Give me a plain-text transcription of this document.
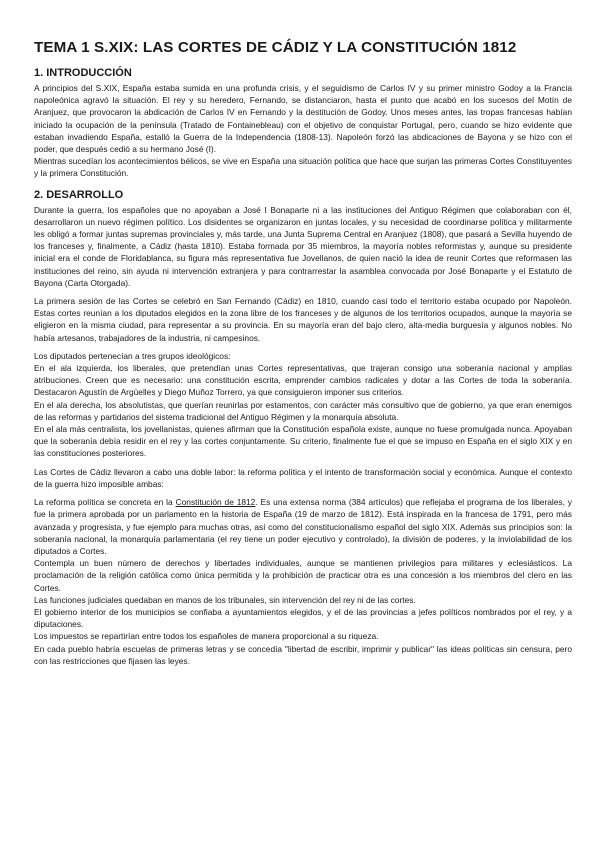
TEMA 1 S.XIX: LAS CORTES DE CÁDIZ Y LA CONSTITUCIÓN 1812
1. INTRODUCCIÓN

A principios del S.XIX, España estaba sumida en una profunda crisis, y el seguidismo de Carlos IV y su primer ministro Godoy a la Francia napoleónica agravó la situación. El rey y su heredero, Fernando, se distanciaron, hasta el punto que acabó en los sucesos del Motín de Aranjuez, que provocaron la abdicación de Carlos IV en Fernando y la destitución de Godoy. Unos meses antes, las tropas francesas habían iniciado la ocupación de la península (Tratado de Fontainebleau) con el objetivo de conquistar Portugal, pero, cuando se hizo evidente que estaban invadiendo España, estalló la Guerra de la Independencia (1808-13). Napoleón forzó las abdicaciones de Bayona y se hizo con el poder, que después cedió a su hermano José (I).

Mientras sucedían los acontecimientos bélicos, se vive en España una situación política que hace que surjan las primeras Cortes Constituyentes y la primera Constitución.

2. DESARROLLO

Durante la guerra, los españoles que no apoyaban a José I Bonaparte ni a las instituciones del Antiguo Régimen que colaboraban con él, desarrollaron un nuevo régimen político. Los disidentes se organizaron en juntas locales, y su necesidad de coordinarse política y militarmente les obligó a formar juntas supremas provinciales y, más tarde, una Junta Suprema Central en Aranjuez (1808), que pasará a Sevilla huyendo de los franceses y, finalmente, a Cádiz (hasta 1810). Estaba formada por 35 miembros, la mayoría nobles reformistas y, aunque su presidente inicial era el conde de Floridablanca, su figura más representativa fue Jovellanos, de quien nació la idea de reunir Cortes que reformasen las instituciones del reino, sin ayuda ni intervención extranjera y para contrarrestar la asamblea convocada por José Bonaparte y el Estatuto de Bayona (Carta Otorgada).

La primera sesión de las Cortes se celebró en San Fernando (Cádiz) en 1810, cuando casi todo el territorio estaba ocupado por Napoleón. Estas cortes reunían a los diputados elegidos en la zona libre de los franceses y de algunos de los territorios ocupados, aunque la mayoría se eligieron en la misma ciudad, para representar a su provincia. En su mayoría eran del bajo clero, alta-media burguesía y algunos nobles. No había artesanos, trabajadores de la industria, ni campesinos.

Los diputados pertenecían a tres grupos ideológicos:

En el ala izquierda, los liberales, que pretendían unas Cortes representativas, que trajeran consigo una soberanía nacional y amplias atribuciones. Creen que es necesario: una constitución escrita, emprender cambios radicales y dotar a las Cortes de toda la soberanía. Destacaron Agustín de Argüelles y Diego Muñoz Torrero, ya que consiguieron imponer sus criterios.

En el ala derecha, los absolutistas, que querían reunirlas por estamentos, con carácter más consultivo que de gobierno, ya que eran enemigos de las reformas y partidarios del sistema tradicional del Antiguo Régimen y la monarquía absoluta.

En el ala más centralista, los jovellanistas, quienes afirman que la Constitución española existe, aunque no fuese promulgada nunca. Apoyaban que la soberanía debía residir en el rey y las cortes conjuntamente. Su criterio, finalmente fue el que se impuso en España en el siglo XIX y en las constituciones posteriores.

Las Cortes de Cádiz llevaron a cabo una doble labor: la reforma política y el intento de transformación social y económica. Aunque el contexto de la guerra hizo imposible ambas:

La reforma política se concreta en la Constitución de 1812. Es una extensa norma (384 artículos) que reflejaba el programa de los liberales, y fue la primera aprobada por un parlamento en la historia de España (19 de marzo de 1812). Está inspirada en la francesa de 1791, pero más avanzada y progresista, y fue ejemplo para muchas otras, así como del constitucionalismo español del siglo XIX. Además sus principios son: la soberanía nacional, la monarquía parlamentaria (el rey tiene un poder ejecutivo y controlado), la división de poderes, y la inviolabilidad de los diputados a Cortes.

Contempla un buen número de derechos y libertades individuales, aunque se mantienen privilegios para militares y eclesiásticos. La proclamación de la religión católica como única permitida y la prohibición de practicar otra es una concesión a los miembros del clero en las Cortes.

Las funciones judiciales quedaban en manos de los tribunales, sin intervención del rey ni de las cortes.

El gobierno interior de los municipios se confiaba a ayuntamientos elegidos, y el de las provincias a jefes políticos nombrados por el rey, y a diputaciones.

Los impuestos se repartirían entre todos los españoles de manera proporcional a su riqueza.

En cada pueblo habría escuelas de primeras letras y se concedía "libertad de escribir, imprimir y publicar" las ideas políticas sin censura, pero con las restricciones que fijasen las leyes.
